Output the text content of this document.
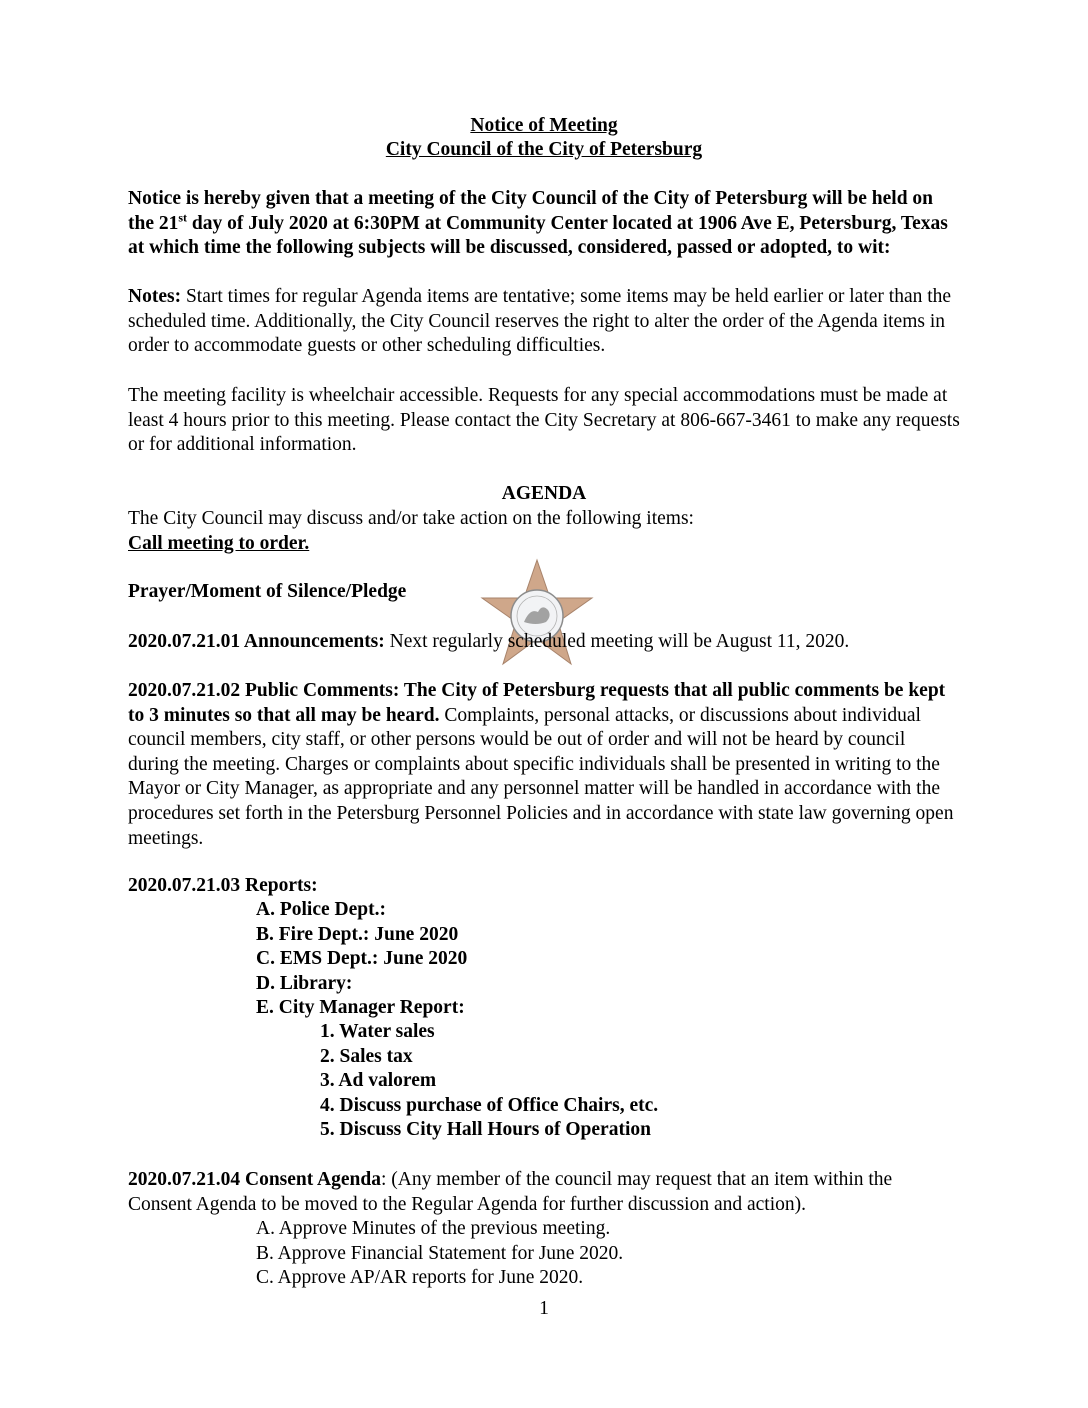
Notice of Meeting
City Council of the City of Petersburg
Notice is hereby given that a meeting of the City Council of the City of Petersburg will be held on the 21st day of July 2020 at 6:30PM at Community Center located at 1906 Ave E, Petersburg, Texas at which time the following subjects will be discussed, considered, passed or adopted, to wit:
Notes: Start times for regular Agenda items are tentative; some items may be held earlier or later than the scheduled time. Additionally, the City Council reserves the right to alter the order of the Agenda items in order to accommodate guests or other scheduling difficulties.
The meeting facility is wheelchair accessible. Requests for any special accommodations must be made at least 4 hours prior to this meeting. Please contact the City Secretary at 806-667-3461 to make any requests or for additional information.
AGENDA
The City Council may discuss and/or take action on the following items:
Call meeting to order.
Prayer/Moment of Silence/Pledge
2020.07.21.01 Announcements: Next regularly scheduled meeting will be August 11, 2020.
2020.07.21.02 Public Comments: The City of Petersburg requests that all public comments be kept to 3 minutes so that all may be heard. Complaints, personal attacks, or discussions about individual council members, city staff, or other persons would be out of order and will not be heard by council during the meeting. Charges or complaints about specific individuals shall be presented in writing to the Mayor or City Manager, as appropriate and any personnel matter will be handled in accordance with the procedures set forth in the Petersburg Personnel Policies and in accordance with state law governing open meetings.
2020.07.21.03 Reports:
A. Police Dept.:
B. Fire Dept.: June 2020
C. EMS Dept.: June 2020
D. Library:
E. City Manager Report:
1. Water sales
2. Sales tax
3. Ad valorem
4. Discuss purchase of Office Chairs, etc.
5. Discuss City Hall Hours of Operation
2020.07.21.04 Consent Agenda: (Any member of the council may request that an item within the Consent Agenda to be moved to the Regular Agenda for further discussion and action).
A. Approve Minutes of the previous meeting.
B. Approve Financial Statement for June 2020.
C. Approve AP/AR reports for June 2020.
1
